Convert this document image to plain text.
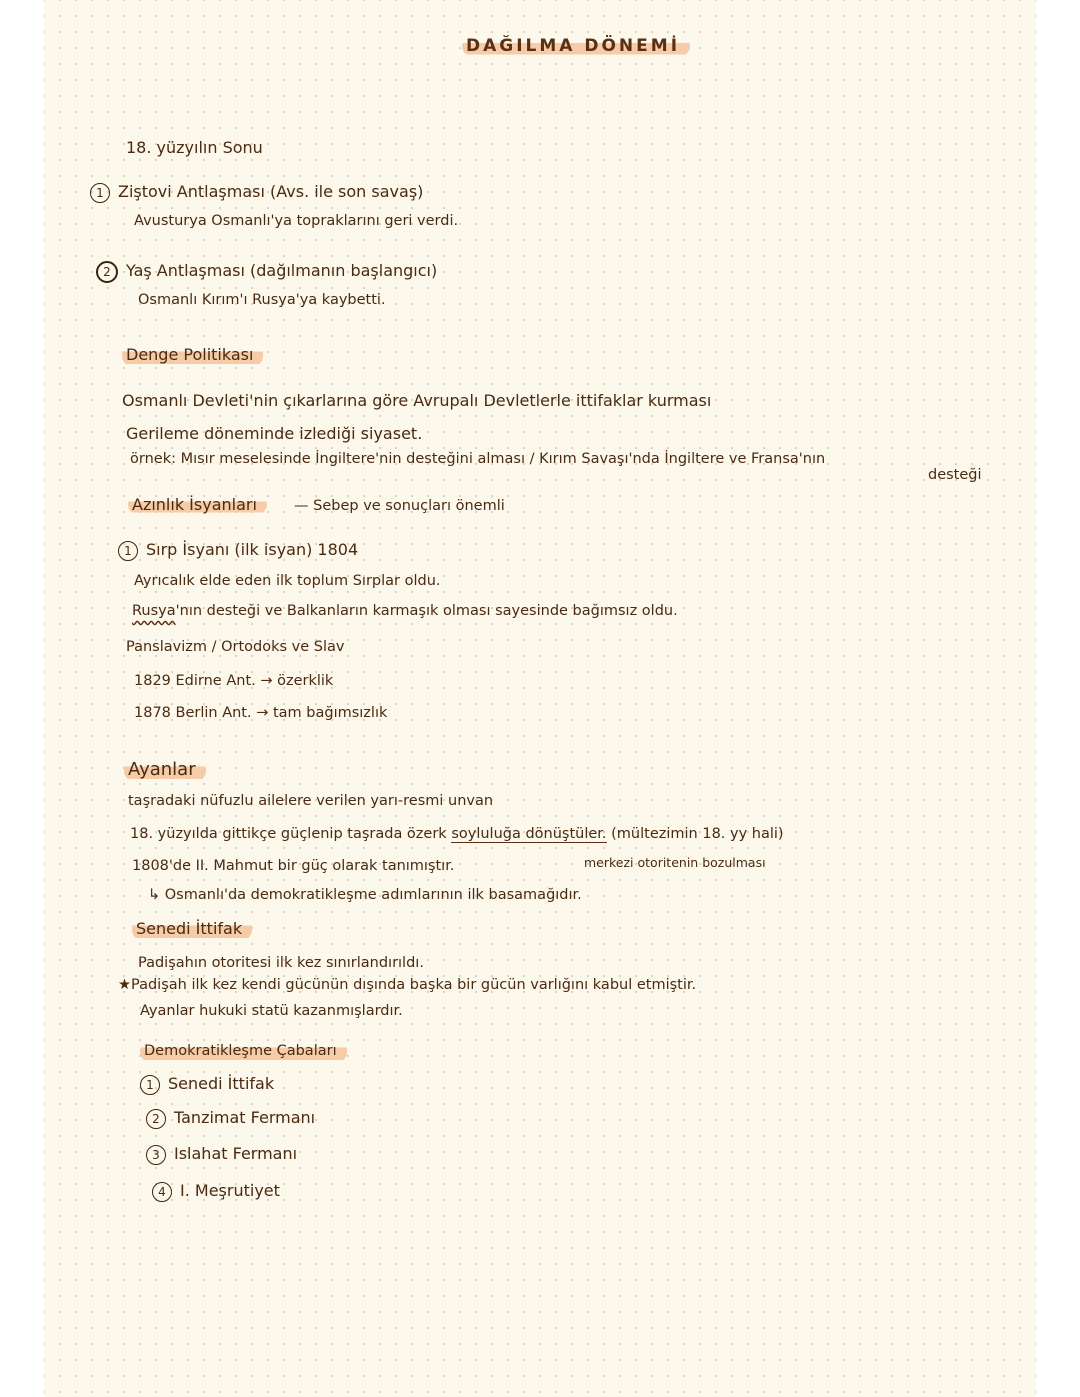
DAĞILMA DÖNEMİ
18. yüzyılın Sonu
1 Ziştovi Antlaşması (Avs. ile son savaş)
Avusturya Osmanlı'ya topraklarını geri verdi.
2 Yaş Antlaşması (dağılmanın başlangıcı)
Osmanlı Kırım'ı Rusya'ya kaybetti.
Denge Politikası
Osmanlı Devleti'nin çıkarlarına göre Avrupalı Devletlerle ittifaklar kurması
Gerileme döneminde izlediği siyaset.
örnek: Mısır meselesinde İngiltere'nin desteğini alması / Kırım Savaşı'nda İngiltere ve Fransa'nın
desteği
Azınlık İsyanları	— Sebep ve sonuçları önemli
1 Sırp İsyanı (ilk isyan) 1804
Ayrıcalık elde eden ilk toplum Sırplar oldu.
Rusya'nın desteği ve Balkanların karmaşık olması sayesinde bağımsız oldu.
Panslavizm / Ortodoks ve Slav
1829 Edirne Ant. → özerklik
1878 Berlin Ant. → tam bağımsızlık
Ayanlar
taşradaki nüfuzlu ailelere verilen yarı-resmi unvan
18. yüzyılda gittikçe güçlenip taşrada özerk soyluluğa dönüştüler. (mültezimin 18. yy hali)
1808'de II. Mahmut bir güç olarak tanımıştır.	merkezi otoritenin bozulması
↳ Osmanlı'da demokratikleşme adımlarının ilk basamağıdır.
Senedi İttifak
Padişahın otoritesi ilk kez sınırlandırıldı.
★Padişah ilk kez kendi gücünün dışında başka bir gücün varlığını kabul etmiştir.
Ayanlar hukuki statü kazanmışlardır.
Demokratikleşme Çabaları
1 Senedi İttifak
2 Tanzimat Fermanı
3 Islahat Fermanı
4 I. Meşrutiyet
